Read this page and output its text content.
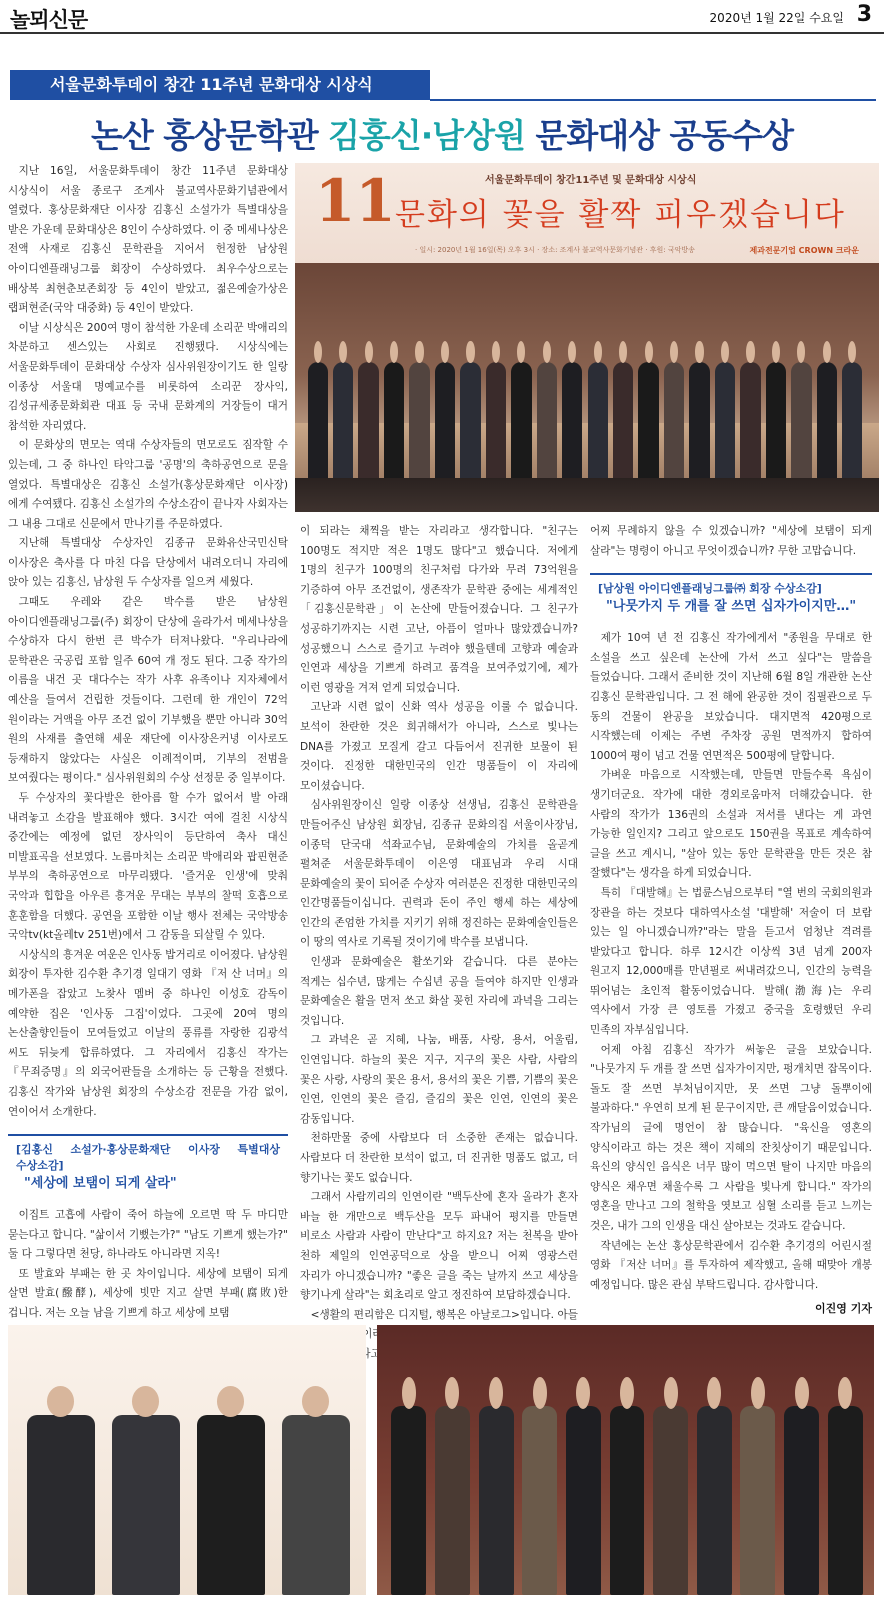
놀뫼신문	2020년 1월 22일 수요일 3
서울문화투데이 창간 11주년 문화대상 시상식
논산 홍상문학관 김홍신·남상원 문화대상 공동수상
11	서울문화투데이 창간11주년 및 문화대상 시상식
문화의 꽃을 활짝 피우겠습니다
· 일시: 2020년 1월 16일(목) 오후 3시 · 장소: 조계사 불교역사문화기념관 · 후원: 국악방송	제과전문기업 CROWN 크라운

지난 16일, 서울문화투데이 창간 11주년 문화대상 시상식이 서울 종로구 조계사 불교역사문화기념관에서 열렸다. 홍상문화재단 이사장 김홍신 소설가가 특별대상을 받은 가운데 문화대상은 8인이 수상하였다. 이 중 메세나상은 전액 사재로 김홍신 문학관을 지어서 헌정한 남상원 아이디엔플래닝그룹 회장이 수상하였다. 최우수상으로는 배상복 최현춘보존회장 등 4인이 받았고, 젊은예술가상은 랩퍼현준(국악 대중화) 등 4인이 받았다.

이날 시상식은 200여 명이 참석한 가운데 소리꾼 박애리의 차분하고 센스있는 사회로 진행됐다. 시상식에는 서울문화투데이 문화대상 수상자 심사위원장이기도 한 일랑 이종상 서울대 명예교수를 비롯하여 소리꾼 장사익, 김성규세종문화회관 대표 등 국내 문화계의 거장들이 대거 참석한 자리였다.

이 문화상의 면모는 역대 수상자들의 면모로도 짐작할 수 있는데, 그 중 하나인 타악그룹 '공명'의 축하공연으로 문을 열었다. 특별대상은 김홍신 소설가(홍상문화재단 이사장)에게 수여됐다. 김홍신 소설가의 수상소감이 끝나자 사회자는 그 내용 그대로 신문에서 만나기를 주문하였다.

지난해 특별대상 수상자인 김종규 문화유산국민신탁 이사장은 축사를 다 마친 다음 단상에서 내려오더니 자리에 앉아 있는 김홍신, 남상원 두 수상자를 일으켜 세웠다.

그때도 우레와 같은 박수를 받은 남상원 아이디엔플래닝그룹(주) 회장이 단상에 올라가서 메세나상을 수상하자 다시 한번 큰 박수가 터져나왔다. "우리나라에 문학관은 국공립 포함 일주 60여 개 정도 된다. 그중 작가의 이름을 내건 곳 대다수는 작가 사후 유족이나 지자체에서 예산을 들여서 건립한 것들이다. 그런데 한 개인이 72억 원이라는 거액을 아무 조건 없이 기부했을 뿐만 아니라 30억 원의 사재를 출연해 세운 재단에 이사장은커녕 이사로도 등재하지 않았다는 사실은 이례적이며, 기부의 전범을 보여줬다는 평이다." 심사위원회의 수상 선정문 중 일부이다.

두 수상자의 꽃다발은 한아름 할 수가 없어서 발 아래 내려놓고 소감을 발표해야 했다. 3시간 여에 걸친 시상식 중간에는 예정에 없던 장사익이 등단하여 축사 대신 미발표곡을 선보였다. 노름마치는 소리꾼 박애리와 팝핀현준 부부의 축하공연으로 마무리됐다. '즐거운 인생'에 맞춰 국악과 힙합을 아우른 흥겨운 무대는 부부의 찰떡 호흡으로 훈훈함을 더했다. 공연을 포함한 이날 행사 전체는 국악방송 국악tv(kt올레tv 251번)에서 그 감동을 되살릴 수 있다.

시상식의 흥겨운 여운은 인사동 밥거리로 이어졌다. 남상원 회장이 투자한 김수환 추기경 일대기 영화 『저 산 너머』의 메가폰을 잡았고 노찾사 멤버 중 하나인 이성호 감독이 예약한 집은 '인사동 그집'이었다. 그곳에 20여 명의 논산출향인들이 모여들었고 이날의 풍류를 자랑한 김광석 씨도 뒤늦게 합류하였다. 그 자리에서 김홍신 작가는 『무죄증명』의 외국어판들을 소개하는 등 근황을 전했다. 김홍신 작가와 남상원 회장의 수상소감 전문을 가감 없이, 연이어서 소개한다.

[김홍신 소설가·홍상문화재단 이사장 특별대상 수상소감]
"세상에 보탬이 되게 살라"

이집트 고흡에 사람이 죽어 하늘에 오르면 딱 두 마디만 묻는다고 합니다. "삶이서 기뻤는가?" "남도 기쁘게 했는가?" 둘 다 그렇다면 천당, 하나라도 아니라면 지옥!

또 발효와 부패는 한 곳 차이입니다. 세상에 보탬이 되게 살면 발효(醱酵), 세상에 빗만 지고 살면 부패(腐敗)한 겁니다. 저는 오늘 남을 기쁘게 하고 세상에 보탬

이 되라는 채찍을 받는 자리라고 생각합니다. "친구는 100명도 적지만 적은 1명도 많다"고 했습니다. 저에게 1명의 친구가 100명의 친구처럼 다가와 무려 73억원을 기증하여 아무 조건없이, 생존작가 문학관 중에는 세계적인 「김홍신문학관」이 논산에 만들어졌습니다. 그 친구가 성공하기까지는 시련 고난, 아픔이 얼마나 많았겠습니까? 성공했으니 스스로 즐기고 누려야 했을텐데 고향과 예술과 인연과 세상을 기쁘게 하려고 품격을 보여주었기에, 제가 이런 영광을 겨져 얻게 되었습니다.

고난과 시련 없이 신화 역사 성공을 이룰 수 없습니다. 보석이 찬란한 것은 희귀해서가 아니라, 스스로 빛나는 DNA를 가졌고 모질게 갈고 다듬어서 진귀한 보물이 된 것이다. 진정한 대한민국의 인간 명품들이 이 자리에 모이셨습니다.

심사위원장이신 일랑 이종상 선생님, 김홍신 문학관을 만들어주신 남상원 회장님, 김종규 문화의집 서울이사장님, 이종덕 단국대 석좌교수님, 문화예술의 가치를 올곧게 펼쳐준 서울문화투데이 이은영 대표님과 우리 시대 문화예술의 꽃이 되어준 수상자 여러분은 진정한 대한민국의 인간명품들이십니다. 권력과 돈이 주인 행세 하는 세상에 인간의 존엄한 가치를 지키기 위해 정진하는 문화예술인들은 이 땅의 역사로 기록될 것이기에 박수를 보냅니다.

인생과 문화예술은 활쏘기와 같습니다. 다른 분야는 적게는 십수년, 많게는 수십년 공을 들여야 하지만 인생과 문화예술은 활을 먼저 쏘고 화살 꽂힌 자리에 과녁을 그리는 것입니다.

그 과녁은 곧 지혜, 나눔, 배품, 사랑, 용서, 어울림, 인연입니다. 하늘의 꽃은 지구, 지구의 꽃은 사람, 사람의 꽃은 사랑, 사랑의 꽃은 용서, 용서의 꽃은 기쁨, 기쁨의 꽃은 인연, 인연의 꽃은 즐김, 즐김의 꽃은 인연, 인연의 꽃은 감동입니다.

천하만물 중에 사람보다 더 소중한 존재는 없습니다. 사람보다 더 찬란한 보석이 없고, 더 진귀한 명품도 없고, 더 향기나는 꽃도 없습니다.

그래서 사람끼리의 인연이란 "백두산에 혼자 올라가 혼자 바늘 한 개만으로 백두산을 모두 파내어 평지를 만들면 비로소 사람과 사람이 만난다"고 하지요? 저는 천복을 받아 천하 제일의 인연공덕으로 상을 받으니 어찌 영광스런 자리가 아니겠습니까? "좋은 글을 죽는 날까지 쓰고 세상을 향기나게 살라"는 회초리로 알고 정진하여 보답하겠습니다.

<생활의 편리함은 디지털, 행복은 아날로그>입니다. 아들

어찌 무례하지 않을 수 있겠습니까? "세상에 보탬이 되게 살라"는 명령이 아니고 무엇이겠습니까? 무한 고맙습니다.

[남상원 아이디엔플래닝그룹㈜ 회장 수상소감]
"나뭇가지 두 개를 잘 쓰면 십자가이지만…"

제가 10여 년 전 김홍신 작가에게서 "종원을 무대로 한 소설을 쓰고 싶은데 논산에 가서 쓰고 싶다"는 말씀을 들었습니다. 그래서 준비한 것이 지난해 6월 8일 개관한 논산 김홍신 문학관입니다. 그 전 해에 완공한 것이 집필관으로 두 동의 건물이 완공을 보았습니다. 대지면적 420평으로 시작했는데 이제는 주변 주차장 공원 면적까지 합하여 1000여 평이 넘고 건물 연면적은 500평에 달합니다.

가벼운 마음으로 시작했는데, 만들면 만들수록 욕심이 생기더군요. 작가에 대한 경외로움마저 더해갔습니다. 한 사람의 작가가 136권의 소설과 저서를 낸다는 게 과연 가능한 일인지? 그리고 앞으로도 150권을 목표로 계속하여 글을 쓰고 계시니, "살아 있는 동안 문학관을 만든 것은 참 잘했다"는 생각을 하게 되었습니다.

특히 『대발해』는 법륜스님으로부터 "열 번의 국회의원과 장관을 하는 것보다 대하역사소설 '대발해' 저술이 더 보람 있는 일 아니겠습니까?"라는 말을 듣고서 엄청난 격려를 받았다고 합니다. 하루 12시간 이상씩 3년 넘게 200자 원고지 12,000매를 만년필로 써내려갔으니, 인간의 능력을 뛰어넘는 초인적 활동이었습니다. 발해(渤海)는 우리 역사에서 가장 큰 영토를 가졌고 중국을 호령했던 우리 민족의 자부심입니다.

어제 아침 김홍신 작가가 써놓은 글을 보았습니다. "나뭇가지 두 개를 잘 쓰면 십자가이지만, 펑개치면 잡목이다. 돌도 잘 쓰면 부처님이지만, 못 쓰면 그냥 돌뿌이에 불과하다." 우연히 보게 된 문구이지만, 큰 깨달음이었습니다. 작가님의 글에 명언이 참 많습니다. "육신을 영혼의 양식이라고 하는 것은 책이 지혜의 잔칫상이기 때문입니다. 육신의 양식인 음식은 너무 많이 먹으면 탈이 나지만 마음의 양식은 채우면 채울수록 그 사람을 빛나게 합니다." 작가의 영혼을 만나고 그의 철학을 엿보고 심혈 소리를 듣고 느끼는 것은, 내가 그의 인생을 대신 살아보는 것과도 같습니다.

작년에는 논산 홍상문학관에서 김수환 추기경의 어린시절 영화 『저산 너머』를 투자하여 제작했고, 올해 때맞아 개봉 예정입니다. 많은 관심 부탁드립니다. 감사합니다.

이진영 기자
